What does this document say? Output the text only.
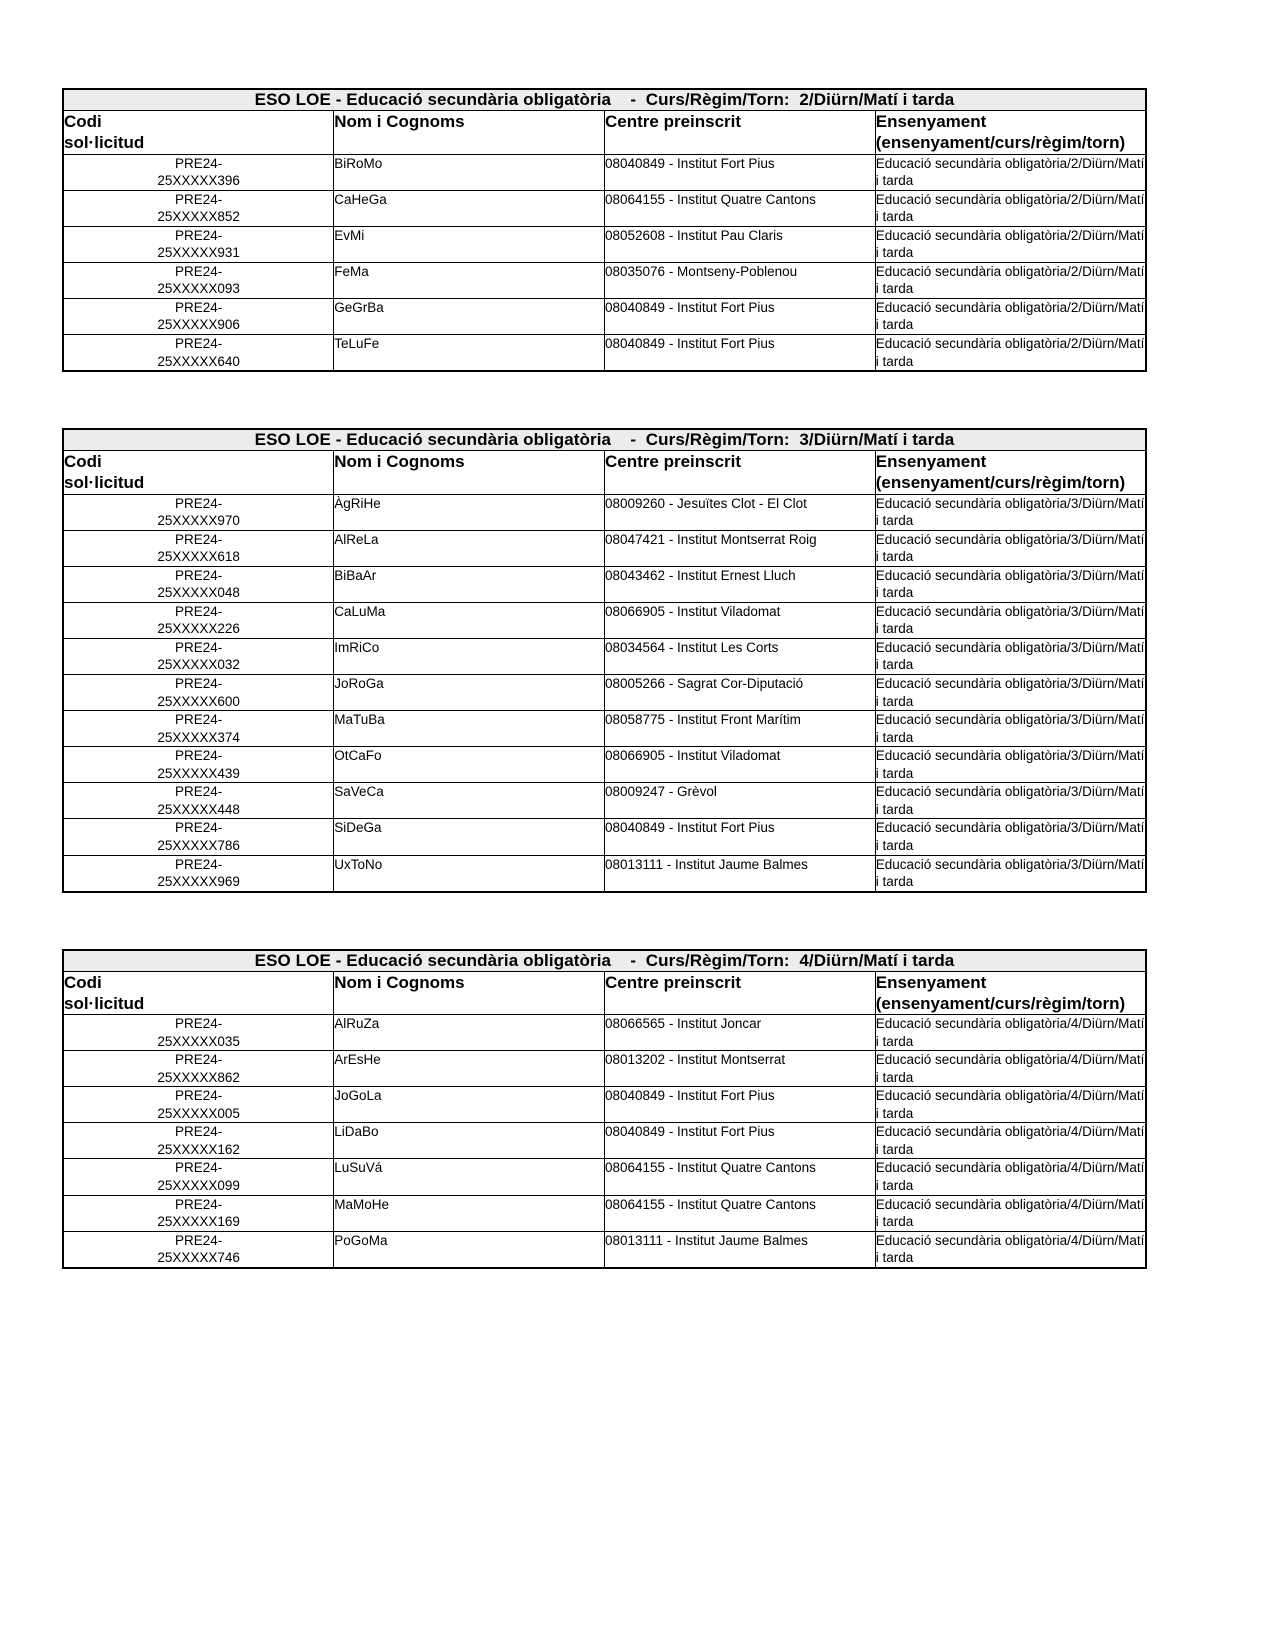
ESO LOE - Educació secundària obligatòria    -  Curs/Règim/Torn:  2/Diürn/Matí i tarda			

Codi
sol·licitud	Nom i Cognoms	Centre preinscrit	Ensenyament
(ensenyament/curs/règim/torn)

PRE24-
25XXXXX396	BiRoMo	08040849 - Institut Fort Pius	Educació secundària obligatòria/2/Diürn/Matí i tarda

PRE24-
25XXXXX852	CaHeGa	08064155 - Institut Quatre Cantons	Educació secundària obligatòria/2/Diürn/Matí i tarda

PRE24-
25XXXXX931	EvMi	08052608 - Institut Pau Claris	Educació secundària obligatòria/2/Diürn/Matí i tarda

PRE24-
25XXXXX093	FeMa	08035076 - Montseny-Poblenou	Educació secundària obligatòria/2/Diürn/Matí i tarda

PRE24-
25XXXXX906	GeGrBa	08040849 - Institut Fort Pius	Educació secundària obligatòria/2/Diürn/Matí i tarda

PRE24-
25XXXXX640	TeLuFe	08040849 - Institut Fort Pius	Educació secundària obligatòria/2/Diürn/Matí i tarda
ESO LOE - Educació secundària obligatòria    -  Curs/Règim/Torn:  3/Diürn/Matí i tarda			

Codi
sol·licitud	Nom i Cognoms	Centre preinscrit	Ensenyament
(ensenyament/curs/règim/torn)

PRE24-
25XXXXX970	ÀgRiHe	08009260 - Jesuïtes Clot - El Clot	Educació secundària obligatòria/3/Diürn/Matí i tarda

PRE24-
25XXXXX618	AlReLa	08047421 - Institut Montserrat Roig	Educació secundària obligatòria/3/Diürn/Matí i tarda

PRE24-
25XXXXX048	BiBaAr	08043462 - Institut Ernest Lluch	Educació secundària obligatòria/3/Diürn/Matí i tarda

PRE24-
25XXXXX226	CaLuMa	08066905 - Institut Viladomat	Educació secundària obligatòria/3/Diürn/Matí i tarda

PRE24-
25XXXXX032	ImRiCo	08034564 - Institut Les Corts	Educació secundària obligatòria/3/Diürn/Matí i tarda

PRE24-
25XXXXX600	JoRoGa	08005266 - Sagrat Cor-Diputació	Educació secundària obligatòria/3/Diürn/Matí i tarda

PRE24-
25XXXXX374	MaTuBa	08058775 - Institut Front Marítim	Educació secundària obligatòria/3/Diürn/Matí i tarda

PRE24-
25XXXXX439	OtCaFo	08066905 - Institut Viladomat	Educació secundària obligatòria/3/Diürn/Matí i tarda

PRE24-
25XXXXX448	SaVeCa	08009247 - Grèvol	Educació secundària obligatòria/3/Diürn/Matí i tarda

PRE24-
25XXXXX786	SiDeGa	08040849 - Institut Fort Pius	Educació secundària obligatòria/3/Diürn/Matí i tarda

PRE24-
25XXXXX969	UxToNo	08013111 - Institut Jaume Balmes	Educació secundària obligatòria/3/Diürn/Matí i tarda
ESO LOE - Educació secundària obligatòria    -  Curs/Règim/Torn:  4/Diürn/Matí i tarda			

Codi
sol·licitud	Nom i Cognoms	Centre preinscrit	Ensenyament
(ensenyament/curs/règim/torn)

PRE24-
25XXXXX035	AlRuZa	08066565 - Institut Joncar	Educació secundària obligatòria/4/Diürn/Matí i tarda

PRE24-
25XXXXX862	ArEsHe	08013202 - Institut Montserrat	Educació secundària obligatòria/4/Diürn/Matí i tarda

PRE24-
25XXXXX005	JoGoLa	08040849 - Institut Fort Pius	Educació secundària obligatòria/4/Diürn/Matí i tarda

PRE24-
25XXXXX162	LiDaBo	08040849 - Institut Fort Pius	Educació secundària obligatòria/4/Diürn/Matí i tarda

PRE24-
25XXXXX099	LuSuVá	08064155 - Institut Quatre Cantons	Educació secundària obligatòria/4/Diürn/Matí i tarda

PRE24-
25XXXXX169	MaMoHe	08064155 - Institut Quatre Cantons	Educació secundària obligatòria/4/Diürn/Matí i tarda

PRE24-
25XXXXX746	PoGoMa	08013111 - Institut Jaume Balmes	Educació secundària obligatòria/4/Diürn/Matí i tarda
